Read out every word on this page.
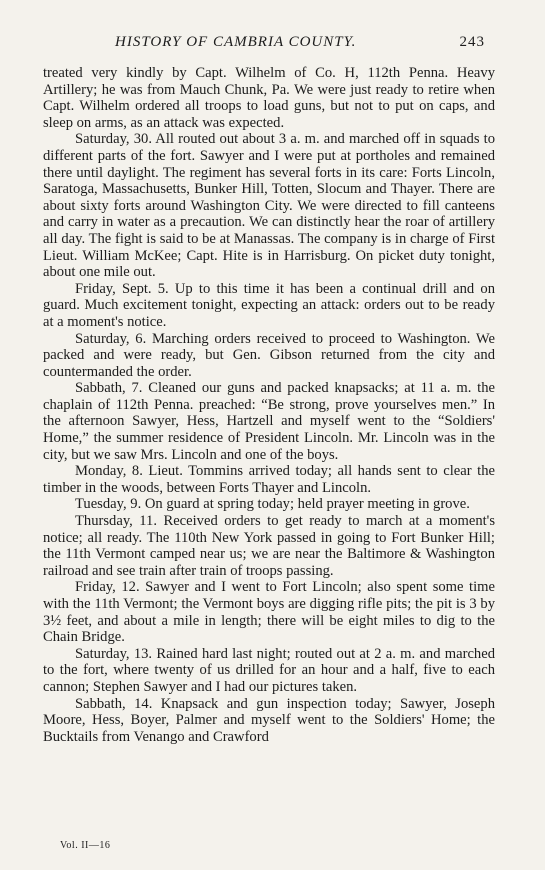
HISTORY OF CAMBRIA COUNTY.	243

treated very kindly by Capt. Wilhelm of Co. H, 112th Penna. Heavy Artillery; he was from Mauch Chunk, Pa. We were just ready to retire when Capt. Wilhelm ordered all troops to load guns, but not to put on caps, and sleep on arms, as an attack was expected.

Saturday, 30. All routed out about 3 a. m. and marched off in squads to different parts of the fort. Sawyer and I were put at portholes and remained there until daylight. The regiment has several forts in its care: Forts Lincoln, Saratoga, Massachusetts, Bunker Hill, Totten, Slocum and Thayer. There are about sixty forts around Washington City. We were directed to fill canteens and carry in water as a precaution. We can distinctly hear the roar of artillery all day. The fight is said to be at Manassas. The company is in charge of First Lieut. William McKee; Capt. Hite is in Harrisburg. On picket duty tonight, about one mile out.

Friday, Sept. 5. Up to this time it has been a continual drill and on guard. Much excitement tonight, expecting an attack: orders out to be ready at a moment's notice.

Saturday, 6. Marching orders received to proceed to Washington. We packed and were ready, but Gen. Gibson returned from the city and countermanded the order.

Sabbath, 7. Cleaned our guns and packed knapsacks; at 11 a. m. the chaplain of 112th Penna. preached: “Be strong, prove yourselves men.” In the afternoon Sawyer, Hess, Hartzell and myself went to the “Soldiers' Home,” the summer residence of President Lincoln. Mr. Lincoln was in the city, but we saw Mrs. Lincoln and one of the boys.

Monday, 8. Lieut. Tommins arrived today; all hands sent to clear the timber in the woods, between Forts Thayer and Lincoln.

Tuesday, 9. On guard at spring today; held prayer meeting in grove.

Thursday, 11. Received orders to get ready to march at a moment's notice; all ready. The 110th New York passed in going to Fort Bunker Hill; the 11th Vermont camped near us; we are near the Baltimore & Washington railroad and see train after train of troops passing.

Friday, 12. Sawyer and I went to Fort Lincoln; also spent some time with the 11th Vermont; the Vermont boys are digging rifle pits; the pit is 3 by 3½ feet, and about a mile in length; there will be eight miles to dig to the Chain Bridge.

Saturday, 13. Rained hard last night; routed out at 2 a. m. and marched to the fort, where twenty of us drilled for an hour and a half, five to each cannon; Stephen Sawyer and I had our pictures taken.

Sabbath, 14. Knapsack and gun inspection today; Sawyer, Joseph Moore, Hess, Boyer, Palmer and myself went to the Soldiers' Home; the Bucktails from Venango and Crawford

Vol. II—16
